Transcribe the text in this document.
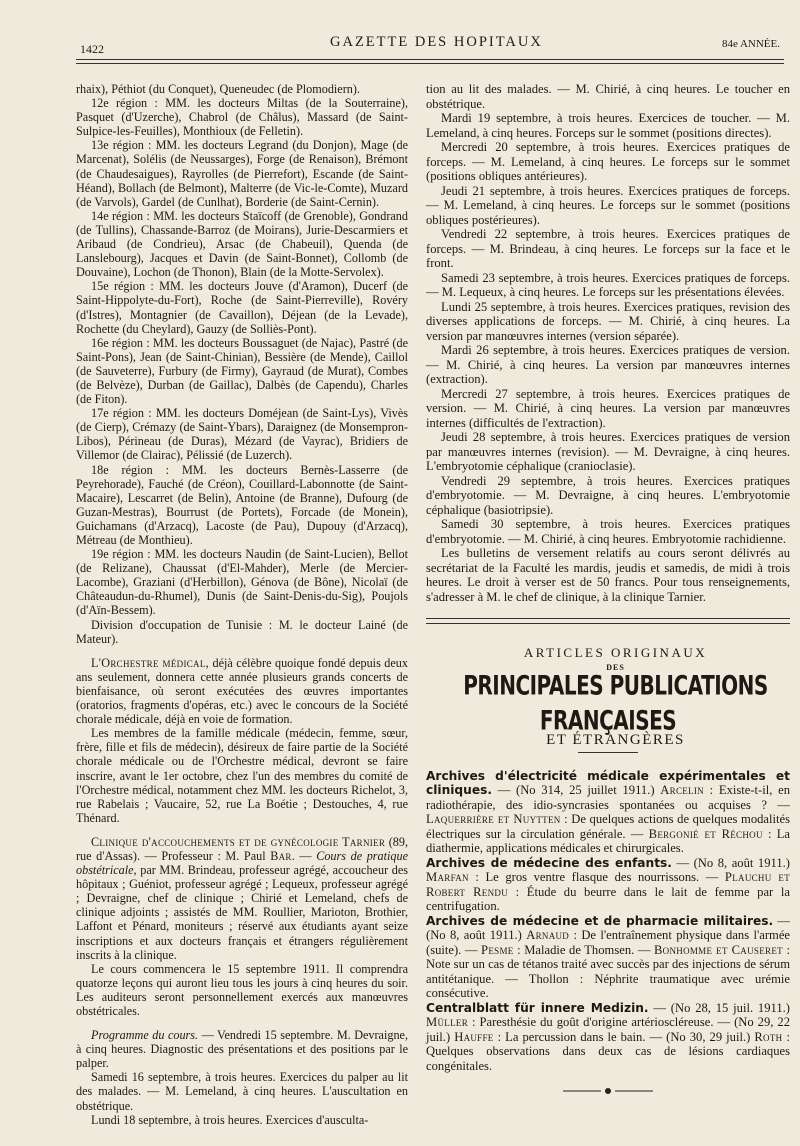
1422	GAZETTE DES HOPITAUX	84e ANNÉE.

rhaix), Péthiot (du Conquet), Queneudec (de Plomodiern).

12e région : MM. les docteurs Miltas (de la Souterraine), Pasquet (d'Uzerche), Chabrol (de Châlus), Massard (de Saint-Sulpice-les-Feuilles), Monthioux (de Felletin).

13e région : MM. les docteurs Legrand (du Donjon), Mage (de Marcenat), Solélis (de Neussarges), Forge (de Renaison), Brémont (de Chaudesaigues), Rayrolles (de Pierrefort), Escande (de Saint-Héand), Bollach (de Belmont), Malterre (de Vic-le-Comte), Muzard (de Varvols), Gardel (de Cunlhat), Borderie (de Saint-Cernin).

14e région : MM. les docteurs Staïcoff (de Grenoble), Gondrand (de Tullins), Chassande-Barroz (de Moirans), Jurie-Descarmiers et Aribaud (de Condrieu), Arsac (de Chabeuil), Quenda (de Lanslebourg), Jacques et Davin (de Saint-Bonnet), Collomb (de Douvaine), Lochon (de Thonon), Blain (de la Motte-Servolex).

15e région : MM. les docteurs Jouve (d'Aramon), Ducerf (de Saint-Hippolyte-du-Fort), Roche (de Saint-Pierreville), Rovéry (d'Istres), Montagnier (de Cavaillon), Déjean (de la Levade), Rochette (du Cheylard), Gauzy (de Solliès-Pont).

16e région : MM. les docteurs Boussaguet (de Najac), Pastré (de Saint-Pons), Jean (de Saint-Chinian), Bessière (de Mende), Caillol (de Sauveterre), Furbury (de Firmy), Gayraud (de Murat), Combes (de Belvèze), Durban (de Gaillac), Dalbès (de Capendu), Charles (de Fiton).

17e région : MM. les docteurs Doméjean (de Saint-Lys), Vivès (de Cierp), Crémazy (de Saint-Ybars), Daraignez (de Monsempron-Libos), Périneau (de Duras), Mézard (de Vayrac), Bridiers de Villemor (de Clairac), Pélissié (de Luzerch).

18e région : MM. les docteurs Bernès-Lasserre (de Peyrehorade), Fauché (de Créon), Couillard-Labonnotte (de Saint-Macaire), Lescarret (de Belin), Antoine (de Branne), Dufourg (de Guzan-Mestras), Bourrust (de Portets), Forcade (de Monein), Guichamans (d'Arzacq), Lacoste (de Pau), Dupouy (d'Arzacq), Métreau (de Monthieu).

19e région : MM. les docteurs Naudin (de Saint-Lucien), Bellot (de Relizane), Chaussat (d'El-Mahder), Merle (de Mercier-Lacombe), Graziani (d'Herbillon), Génova (de Bône), Nicolaï (de Châteaudun-du-Rhumel), Dunis (de Saint-Denis-du-Sig), Poujols (d'Aïn-Bessem).

Division d'occupation de Tunisie : M. le docteur Lainé (de Mateur).

L'Orchestre médical, déjà célèbre quoique fondé depuis deux ans seulement, donnera cette année plusieurs grands concerts de bienfaisance, où seront exécutées des œuvres importantes (oratorios, fragments d'opéras, etc.) avec le concours de la Société chorale médicale, déjà en voie de formation.

Les membres de la famille médicale (médecin, femme, sœur, frère, fille et fils de médecin), désireux de faire partie de la Société chorale médicale ou de l'Orchestre médical, devront se faire inscrire, avant le 1er octobre, chez l'un des membres du comité de l'Orchestre médical, notamment chez MM. les docteurs Richelot, 3, rue Rabelais ; Vaucaire, 52, rue La Boétie ; Destouches, 4, rue Thénard.

Clinique d'accouchements et de gynécologie Tarnier (89, rue d'Assas). — Professeur : M. Paul Bar. — Cours de pratique obstétricale, par MM. Brindeau, professeur agrégé, accoucheur des hôpitaux ; Guéniot, professeur agrégé ; Lequeux, professeur agrégé ; Devraigne, chef de clinique ; Chirié et Lemeland, chefs de clinique adjoints ; assistés de MM. Roullier, Marioton, Brothier, Laffont et Pénard, moniteurs ; réservé aux étudiants ayant seize inscriptions et aux docteurs français et étrangers régulièrement inscrits à la clinique.

Le cours commencera le 15 septembre 1911. Il comprendra quatorze leçons qui auront lieu tous les jours à cinq heures du soir. Les auditeurs seront personnellement exercés aux manœuvres obstétricales.

Programme du cours. — Vendredi 15 septembre. M. Devraigne, à cinq heures. Diagnostic des présentations et des positions par le palper.

Samedi 16 septembre, à trois heures. Exercices du palper au lit des malades. — M. Lemeland, à cinq heures. L'auscultation en obstétrique.

Lundi 18 septembre, à trois heures. Exercices d'ausculta-

tion au lit des malades. — M. Chirié, à cinq heures. Le toucher en obstétrique.

Mardi 19 septembre, à trois heures. Exercices de toucher. — M. Lemeland, à cinq heures. Forceps sur le sommet (positions directes).

Mercredi 20 septembre, à trois heures. Exercices pratiques de forceps. — M. Lemeland, à cinq heures. Le forceps sur le sommet (positions obliques antérieures).

Jeudi 21 septembre, à trois heures. Exercices pratiques de forceps. — M. Lemeland, à cinq heures. Le forceps sur le sommet (positions obliques postérieures).

Vendredi 22 septembre, à trois heures. Exercices pratiques de forceps. — M. Brindeau, à cinq heures. Le forceps sur la face et le front.

Samedi 23 septembre, à trois heures. Exercices pratiques de forceps. — M. Lequeux, à cinq heures. Le forceps sur les présentations élevées.

Lundi 25 septembre, à trois heures. Exercices pratiques, revision des diverses applications de forceps. — M. Chirié, à cinq heures. La version par manœuvres internes (version séparée).

Mardi 26 septembre, à trois heures. Exercices pratiques de version. — M. Chirié, à cinq heures. La version par manœuvres internes (extraction).

Mercredi 27 septembre, à trois heures. Exercices pratiques de version. — M. Chirié, à cinq heures. La version par manœuvres internes (difficultés de l'extraction).

Jeudi 28 septembre, à trois heures. Exercices pratiques de version par manœuvres internes (revision). — M. Devraigne, à cinq heures. L'embryotomie céphalique (cranioclasie).

Vendredi 29 septembre, à trois heures. Exercices pratiques d'embryotomie. — M. Devraigne, à cinq heures. L'embryotomie céphalique (basiotripsie).

Samedi 30 septembre, à trois heures. Exercices pratiques d'embryotomie. — M. Chirié, à cinq heures. Embryotomie rachidienne.

Les bulletins de versement relatifs au cours seront délivrés au secrétariat de la Faculté les mardis, jeudis et samedis, de midi à trois heures. Le droit à verser est de 50 francs. Pour tous renseignements, s'adresser à M. le chef de clinique, à la clinique Tarnier.

ARTICLES ORIGINAUX

DES

PRINCIPALES PUBLICATIONS FRANÇAISES

ET ÉTRANGÈRES

Archives d'électricité médicale expérimentales et cliniques. — (No 314, 25 juillet 1911.) Arcelin : Existe-t-il, en radiothérapie, des idio-syncrasies spontanées ou acquises ? — Laquerrière et Nuytten : De quelques actions de quelques modalités électriques sur la circulation générale. — Bergonié et Réchou : La diathermie, applications médicales et chirurgicales.

Archives de médecine des enfants. — (No 8, août 1911.) Marfan : Le gros ventre flasque des nourrissons. — Plauchu et Robert Rendu : Étude du beurre dans le lait de femme par la centrifugation.

Archives de médecine et de pharmacie militaires. — (No 8, août 1911.) Arnaud : De l'entraînement physique dans l'armée (suite). — Pesme : Maladie de Thomsen. — Bonhomme et Causeret : Note sur un cas de tétanos traité avec succès par des injections de sérum antitétanique. — Thollon : Néphrite traumatique avec urémie consécutive.

Centralblatt für innere Medizin. — (No 28, 15 juil. 1911.) Müller : Paresthésie du goût d'origine artérioscléreuse. — (No 29, 22 juil.) Hauffe : La percussion dans le bain. — (No 30, 29 juil.) Roth : Quelques observations dans deux cas de lésions cardiaques congénitales.
